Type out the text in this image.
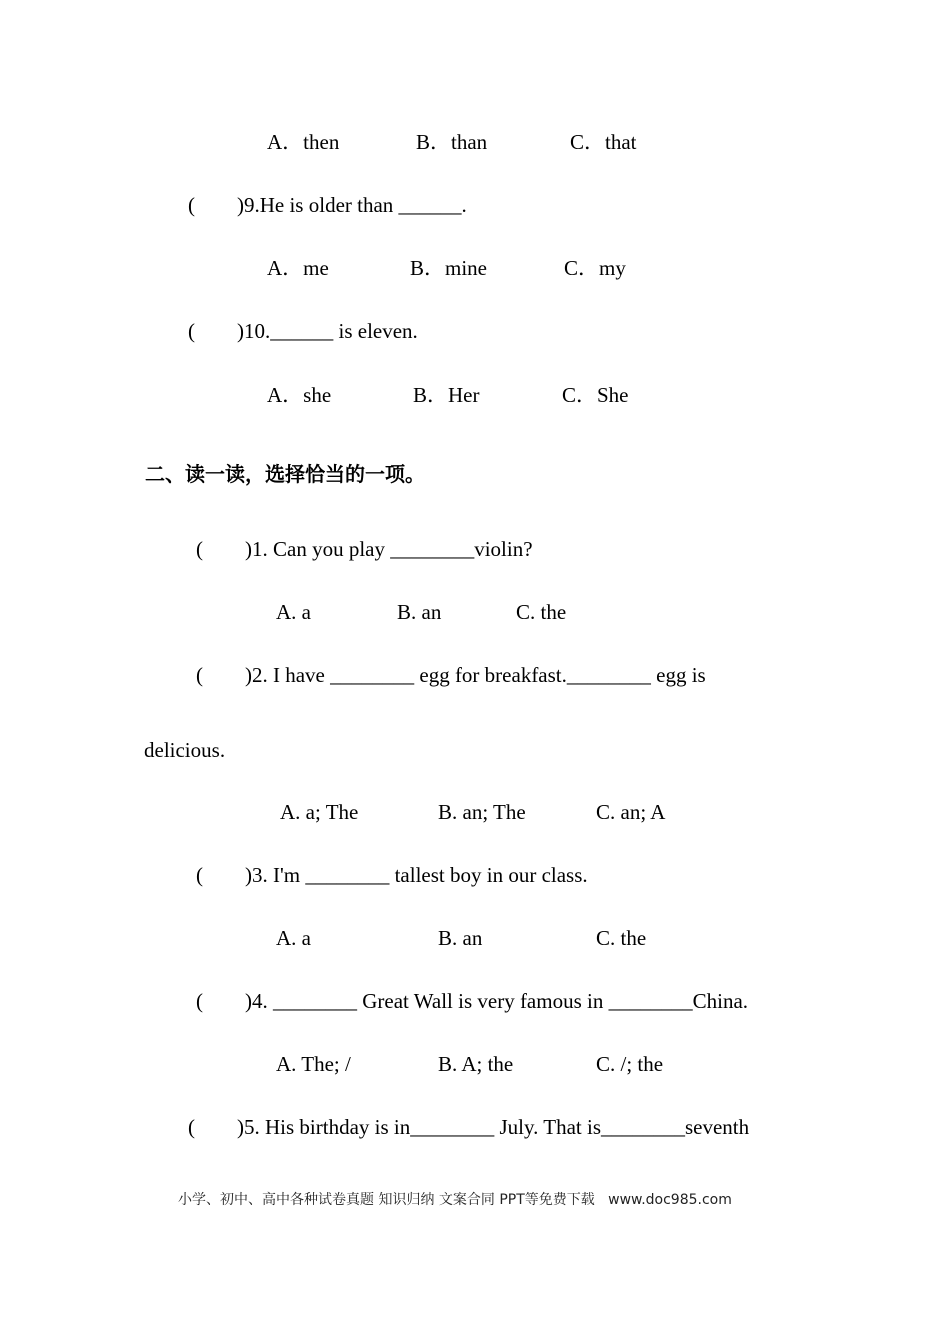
A．then	B．than	C．that
(        )9.He is older than ______.
A．me	B．mine	C．my
(        )10.______ is eleven.
A．she	B．Her	C．She
二、读一读，选择恰当的一项。
(        )1. Can you play ________violin?
A. a	B. an	C. the
(        )2. I have ________ egg for breakfast.________ egg is
delicious.
A. a; The	B. an; The	C. an; A
(        )3. I'm ________ tallest boy in our class.
A. a	B. an	C. the
(        )4. ________ Great Wall is very famous in ________China.
A. The; /	B. A; the	C. /; the
(        )5. His birthday is in________ July. That is________seventh
小学、初中、高中各种试卷真题 知识归纳 文案合同 PPT等免费下载   www.doc985.com
